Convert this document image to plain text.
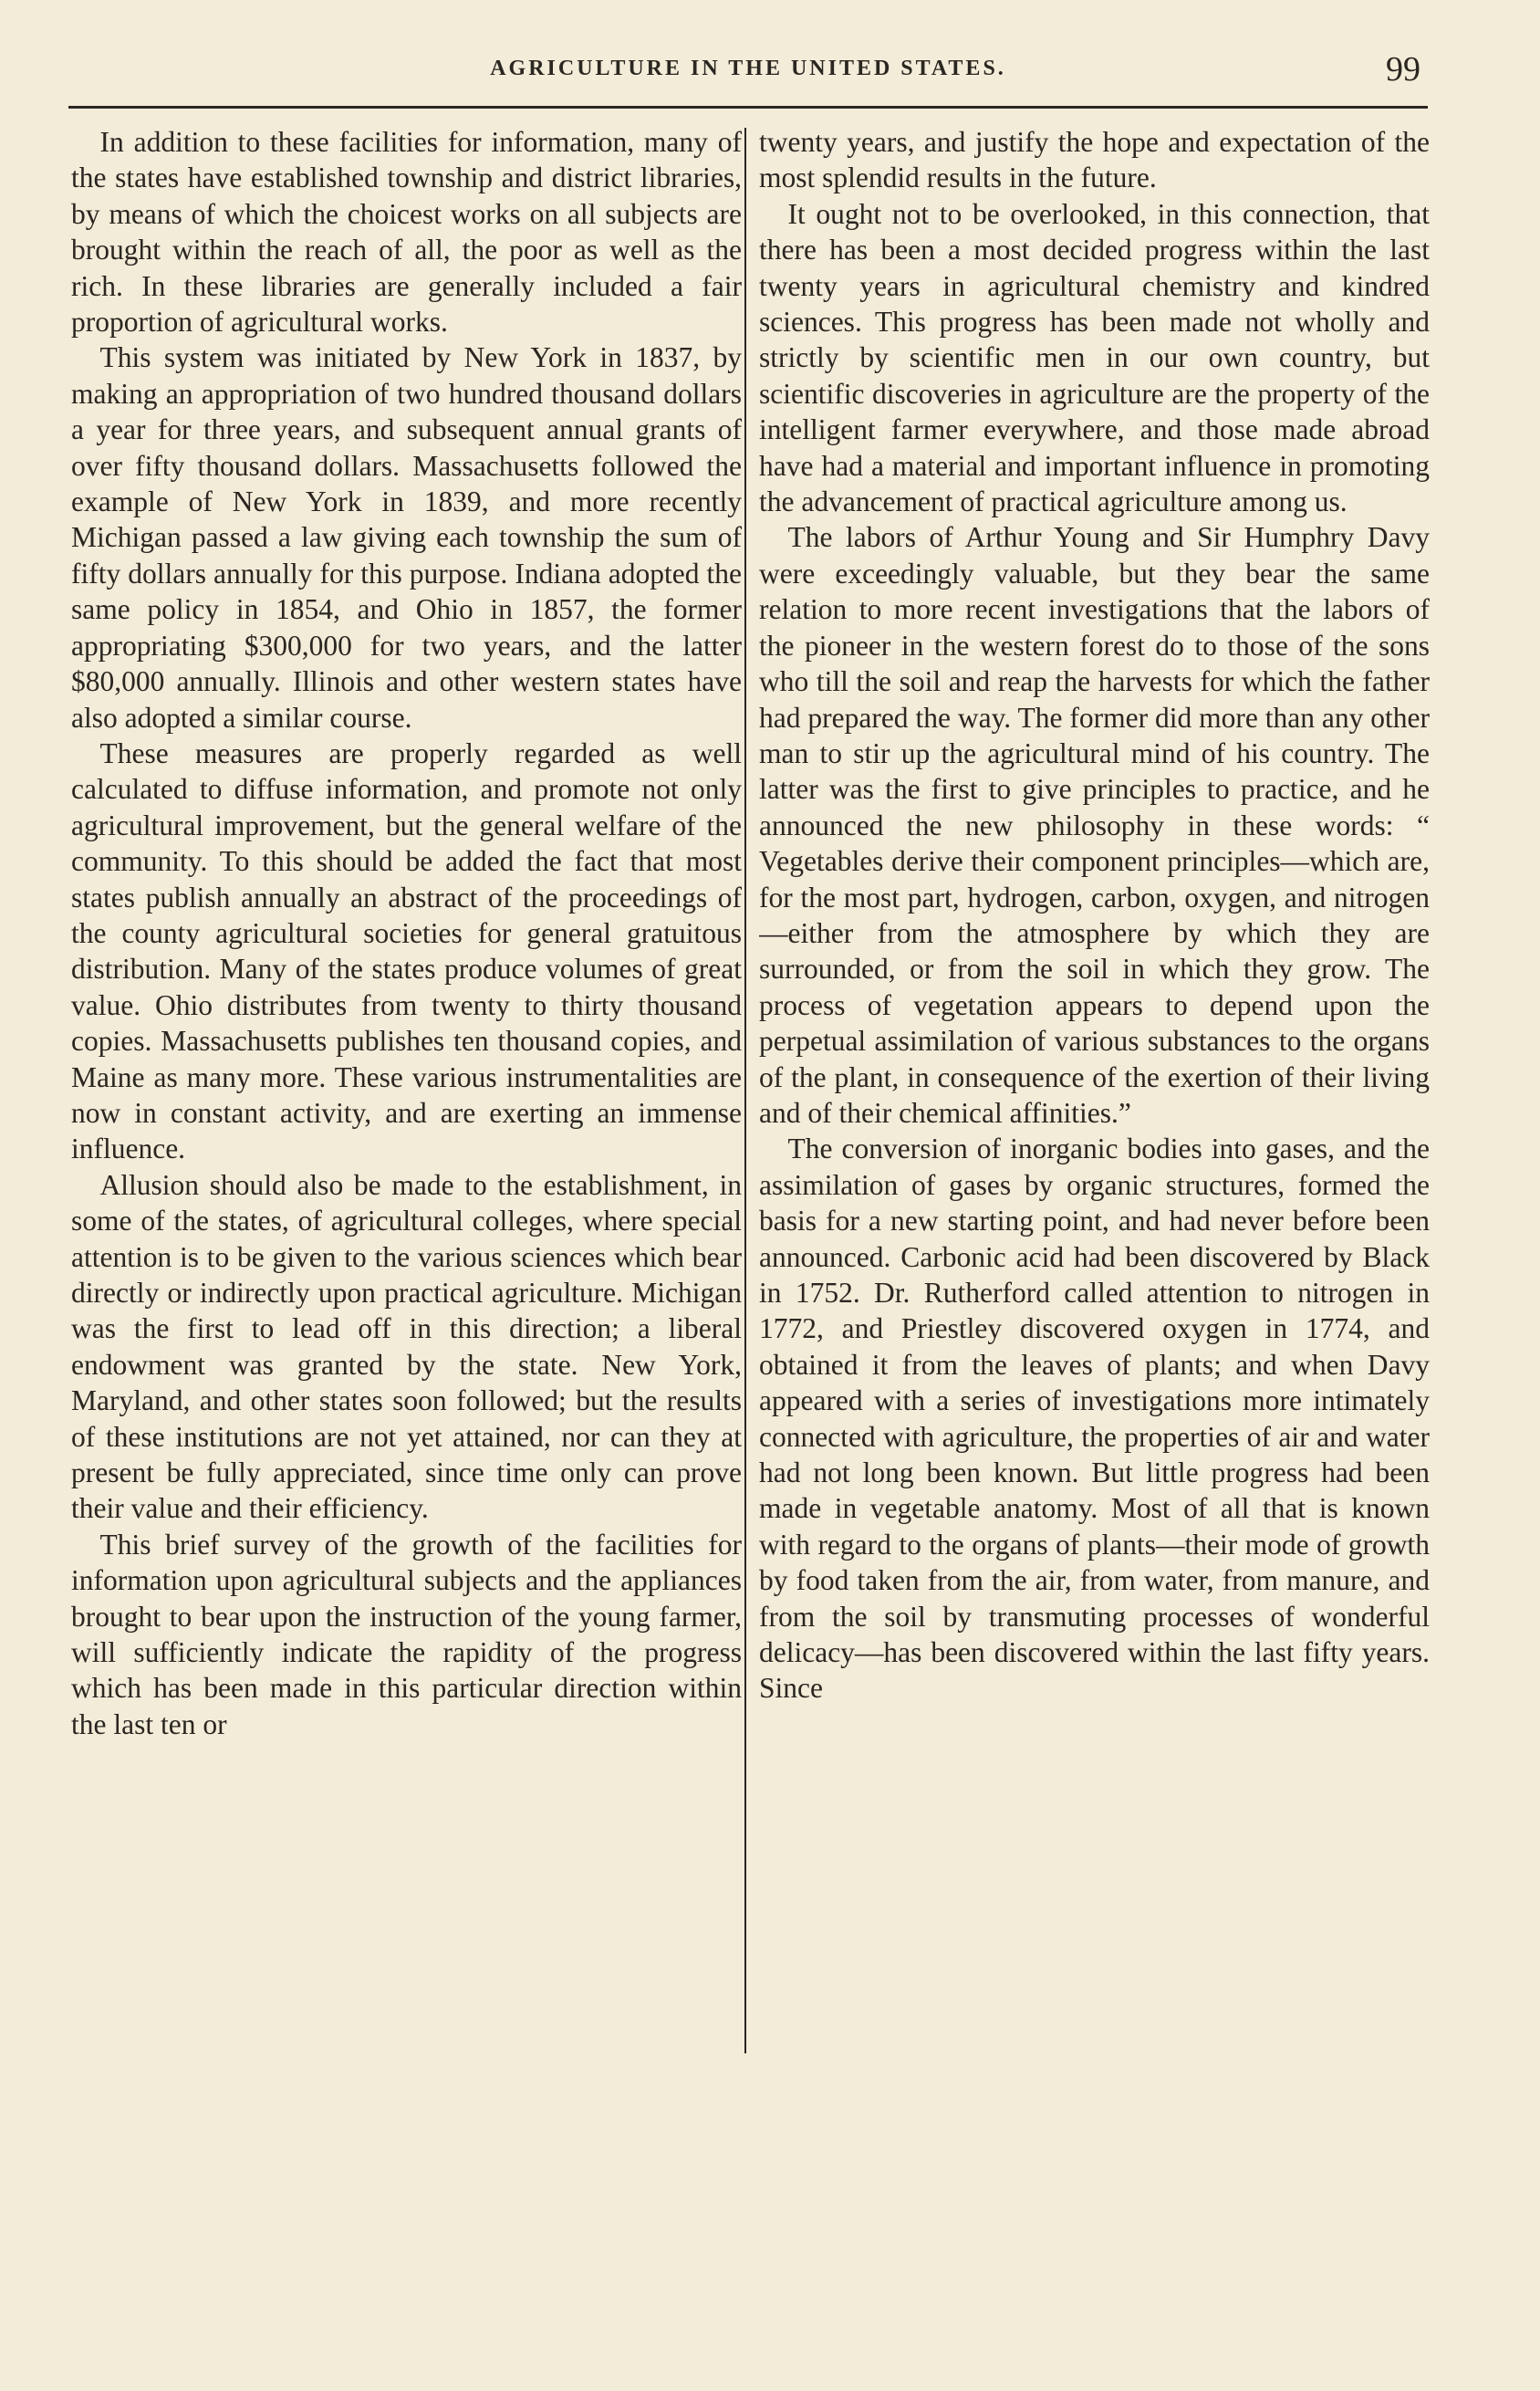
AGRICULTURE IN THE UNITED STATES.	99

In addition to these facilities for information, many of the states have established township and district libraries, by means of which the choicest works on all subjects are brought within the reach of all, the poor as well as the rich. In these libraries are generally included a fair proportion of agricultural works.

This system was initiated by New York in 1837, by making an appropriation of two hundred thousand dollars a year for three years, and subsequent annual grants of over fifty thousand dollars. Massachusetts followed the example of New York in 1839, and more recently Michigan passed a law giving each township the sum of fifty dollars annually for this purpose. Indiana adopted the same policy in 1854, and Ohio in 1857, the former appropriating $300,000 for two years, and the latter $80,000 annually. Illinois and other western states have also adopted a similar course.

These measures are properly regarded as well calculated to diffuse information, and promote not only agricultural improvement, but the general welfare of the community. To this should be added the fact that most states publish annually an abstract of the proceedings of the county agricultural societies for general gratuitous distribution. Many of the states produce volumes of great value. Ohio distributes from twenty to thirty thousand copies. Massachusetts publishes ten thousand copies, and Maine as many more. These various instrumentalities are now in constant activity, and are exerting an immense influence.

Allusion should also be made to the establishment, in some of the states, of agricultural colleges, where special attention is to be given to the various sciences which bear directly or indirectly upon practical agriculture. Michigan was the first to lead off in this direction; a liberal endowment was granted by the state. New York, Maryland, and other states soon followed; but the results of these institutions are not yet attained, nor can they at present be fully appreciated, since time only can prove their value and their efficiency.

This brief survey of the growth of the facilities for information upon agricultural subjects and the appliances brought to bear upon the instruction of the young farmer, will sufficiently indicate the rapidity of the progress which has been made in this particular direction within the last ten or

twenty years, and justify the hope and expectation of the most splendid results in the future.

It ought not to be overlooked, in this connection, that there has been a most decided progress within the last twenty years in agricultural chemistry and kindred sciences. This progress has been made not wholly and strictly by scientific men in our own country, but scientific discoveries in agriculture are the property of the intelligent farmer everywhere, and those made abroad have had a material and important influence in promoting the advancement of practical agriculture among us.

The labors of Arthur Young and Sir Humphry Davy were exceedingly valuable, but they bear the same relation to more recent investigations that the labors of the pioneer in the western forest do to those of the sons who till the soil and reap the harvests for which the father had prepared the way. The former did more than any other man to stir up the agricultural mind of his country. The latter was the first to give principles to practice, and he announced the new philosophy in these words: “ Vegetables derive their component principles—which are, for the most part, hydrogen, carbon, oxygen, and nitrogen—either from the atmosphere by which they are surrounded, or from the soil in which they grow. The process of vegetation appears to depend upon the perpetual assimilation of various substances to the organs of the plant, in consequence of the exertion of their living and of their chemical affinities.”

The conversion of inorganic bodies into gases, and the assimilation of gases by organic structures, formed the basis for a new starting point, and had never before been announced. Carbonic acid had been discovered by Black in 1752. Dr. Rutherford called attention to nitrogen in 1772, and Priestley discovered oxygen in 1774, and obtained it from the leaves of plants; and when Davy appeared with a series of investigations more intimately connected with agriculture, the properties of air and water had not long been known. But little progress had been made in vegetable anatomy. Most of all that is known with regard to the organs of plants—their mode of growth by food taken from the air, from water, from manure, and from the soil by transmuting processes of wonderful delicacy—has been discovered within the last fifty years. Since
